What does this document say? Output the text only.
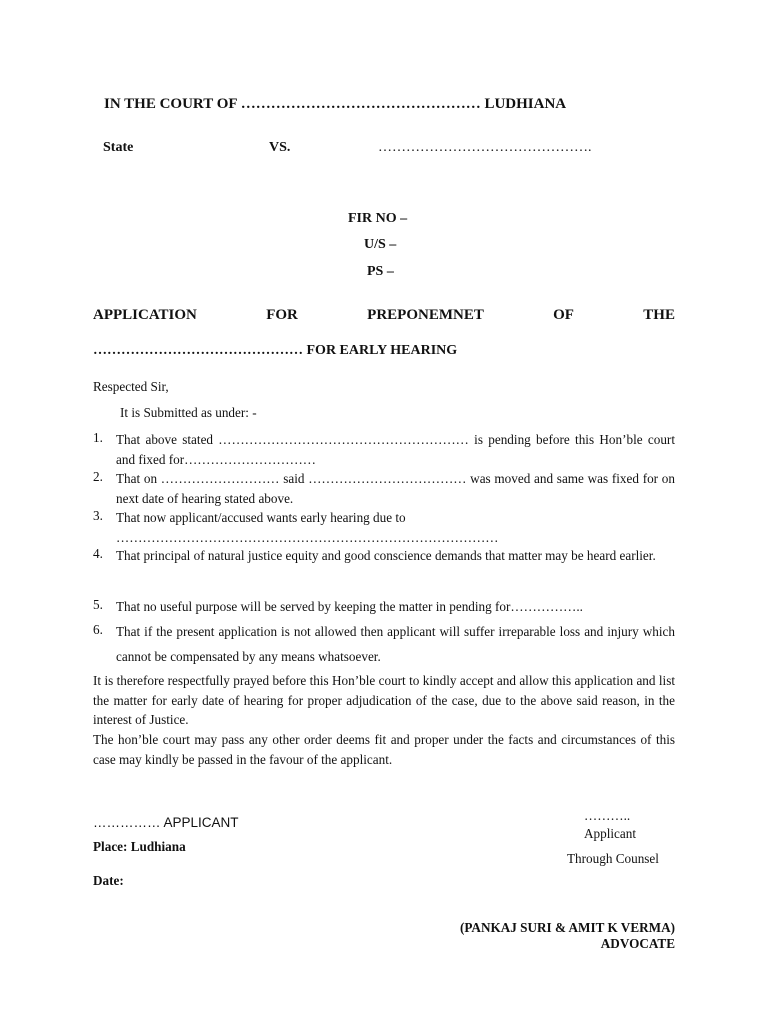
IN THE COURT OF ………………………………………… LUDHIANA
State	VS.	……………………………………….
FIR NO –
U/S –
PS –
APPLICATION	FOR	PREPONEMNET	OF	THE
……………………………………… FOR EARLY HEARING
Respected Sir,
It is Submitted as under: -
1. That above stated ………………………………………………… is pending before this Hon’ble court and fixed for…………………………
2. That on ……………………… said ……………………………… was moved and same was fixed for on next date of hearing stated above.
3. That now applicant/accused wants early hearing due to ……………………………………………………………………………
4. That principal of natural justice equity and good conscience demands that matter may be heard earlier.
5. That no useful purpose will be served by keeping the matter in pending for……………..
6. That if the present application is not allowed then applicant will suffer irreparable loss and injury which cannot be compensated by any means whatsoever.
It is therefore respectfully prayed before this Hon’ble court to kindly accept and allow this application and list the matter for early date of hearing for proper adjudication of the case, due to the above said reason, in the interest of Justice.
The hon’ble court may pass any other order deems fit and proper under the facts and circumstances of this case may kindly be passed in the favour of the applicant.
…………… APPLICANT	………..
Applicant
Place: Ludhiana
Through Counsel
Date:
(PANKAJ SURI & AMIT K VERMA)
ADVOCATE
